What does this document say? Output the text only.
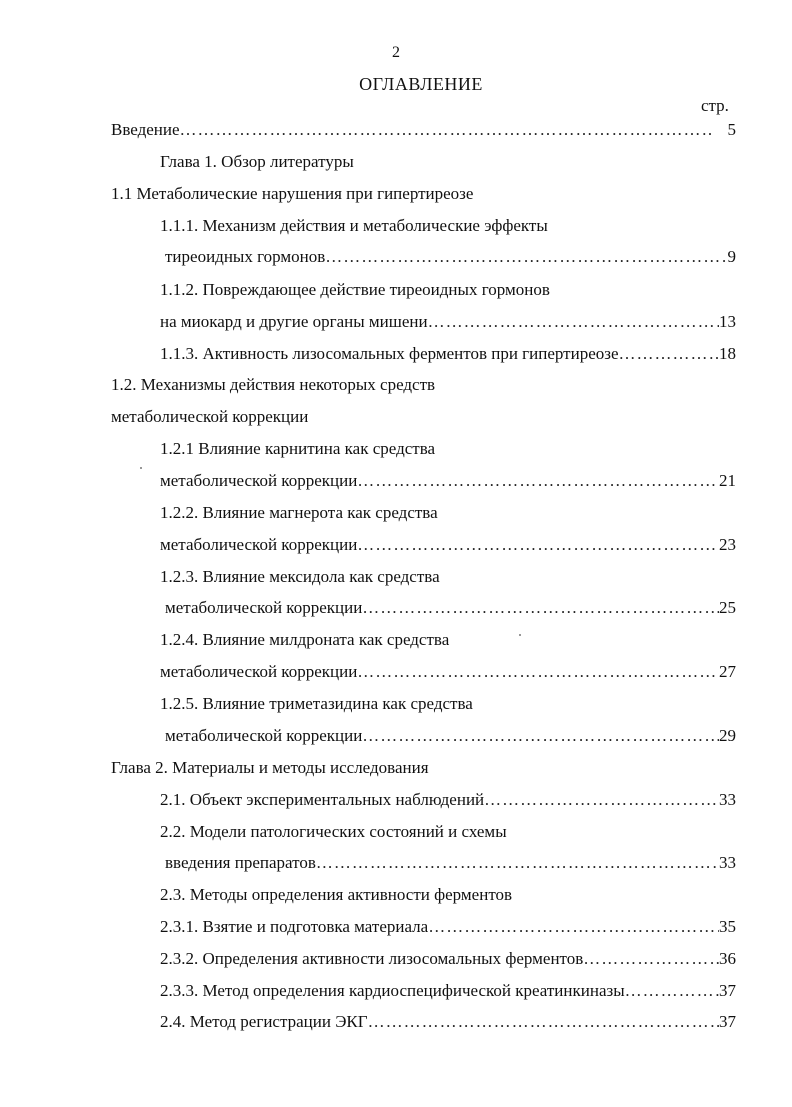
2
ОГЛАВЛЕНИЕ
стр.
Введение …………………………………………………………………………………………………………………………………………………………………………………	5
Глава 1. Обзор литературы
1.1 Метаболические нарушения при гипертиреозе
1.1.1. Механизм действия и метаболические эффекты
тиреоидных гормонов …………………………………………………………………………………………………………………………………………………………………………………	9
1.1.2. Повреждающее действие тиреоидных гормонов
на миокард и другие органы мишени …………………………………………………………………………………………………………………………………………………………………………………	13
1.1.3. Активность лизосомальных ферментов при гипертиреозе …………………………………………………………………………………………………………………………………………………………………………………	18
1.2. Механизмы действия некоторых средств
метаболической коррекции
1.2.1 Влияние карнитина как средства
метаболической коррекции …………………………………………………………………………………………………………………………………………………………………………………	21
1.2.2. Влияние магнерота как средства
метаболической коррекции …………………………………………………………………………………………………………………………………………………………………………………	23
1.2.3. Влияние мексидола как средства
метаболической коррекции …………………………………………………………………………………………………………………………………………………………………………………	25
1.2.4. Влияние милдроната как средства
метаболической коррекции …………………………………………………………………………………………………………………………………………………………………………………	27
1.2.5. Влияние триметазидина как средства
метаболической коррекции …………………………………………………………………………………………………………………………………………………………………………………	29
Глава 2. Материалы и методы исследования
2.1. Объект экспериментальных наблюдений …………………………………………………………………………………………………………………………………………………………………………………	33
2.2. Модели патологических состояний и схемы
введения препаратов …………………………………………………………………………………………………………………………………………………………………………………	33
2.3. Методы определения активности ферментов
2.3.1. Взятие и подготовка материала …………………………………………………………………………………………………………………………………………………………………………………	35
2.3.2. Определения активности лизосомальных ферментов …………………………………………………………………………………………………………………………………………………………………………………	36
2.3.3. Метод определения кардиоспецифической креатинкиназы …………………………………………………………………………………………………………………………………………………………………………………	37
2.4. Метод регистрации ЭКГ …………………………………………………………………………………………………………………………………………………………………………………	37
